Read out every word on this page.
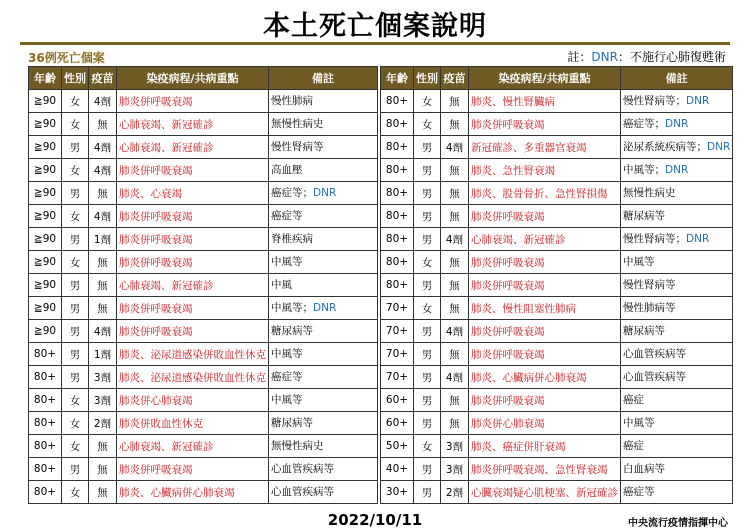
本土死亡個案說明
36例死亡個案	註：DNR：不施行心肺復甦術
年齡	性別	疫苗	染疫病程/共病重點	備註
≧90	女	4劑	肺炎併呼吸衰竭	慢性肺病
≧90	女	無	心肺衰竭、新冠確診	無慢性病史
≧90	男	4劑	心肺衰竭、新冠確診	慢性腎病等
≧90	女	4劑	肺炎併呼吸衰竭	高血壓
≧90	男	無	肺炎、心衰竭	癌症等；DNR
≧90	女	4劑	肺炎併呼吸衰竭	癌症等
≧90	男	1劑	肺炎併呼吸衰竭	脊椎疾病
≧90	女	無	肺炎併呼吸衰竭	中風等
≧90	男	無	心肺衰竭、新冠確診	中風
≧90	男	無	肺炎併呼吸衰竭	中風等；DNR
≧90	男	4劑	肺炎併呼吸衰竭	糖尿病等
80+	男	1劑	肺炎、泌尿道感染併敗血性休克	中風等
80+	男	3劑	肺炎、泌尿道感染併敗血性休克	癌症等
80+	女	3劑	肺炎併心肺衰竭	中風等
80+	女	2劑	肺炎併敗血性休克	糖尿病等
80+	女	無	心肺衰竭、新冠確診	無慢性病史
80+	男	無	肺炎併呼吸衰竭	心血管疾病等
80+	女	無	肺炎、心臟病併心肺衰竭	心血管疾病等
年齡	性別	疫苗	染疫病程/共病重點	備註
80+	女	無	肺炎、慢性腎臟病	慢性腎病等；DNR
80+	女	無	肺炎併呼吸衰竭	癌症等；DNR
80+	男	4劑	新冠確診、多重器官衰竭	泌尿系統疾病等；DNR
80+	男	無	肺炎、急性腎衰竭	中風等；DNR
80+	男	無	肺炎、股骨骨折、急性腎損傷	無慢性病史
80+	男	無	肺炎併呼吸衰竭	糖尿病等
80+	男	4劑	心肺衰竭、新冠確診	慢性腎病等；DNR
80+	女	無	肺炎併呼吸衰竭	中風等
80+	男	無	肺炎併呼吸衰竭	慢性腎病等
70+	女	無	肺炎、慢性阻塞性肺病	慢性肺病等
70+	男	4劑	肺炎併呼吸衰竭	糖尿病等
70+	男	無	肺炎併呼吸衰竭	心血管疾病等
70+	男	4劑	肺炎、心臟病併心肺衰竭	心血管疾病等
60+	男	無	肺炎併呼吸衰竭	癌症
60+	男	無	肺炎併心肺衰竭	中風等
50+	女	3劑	肺炎、癌症併肝衰竭	癌症
40+	男	3劑	肺炎併呼吸衰竭、急性腎衰竭	白血病等
30+	男	2劑	心臟衰竭疑心肌梗塞、新冠確診	癌症等
2022/10/11	中央流行疫情指揮中心
